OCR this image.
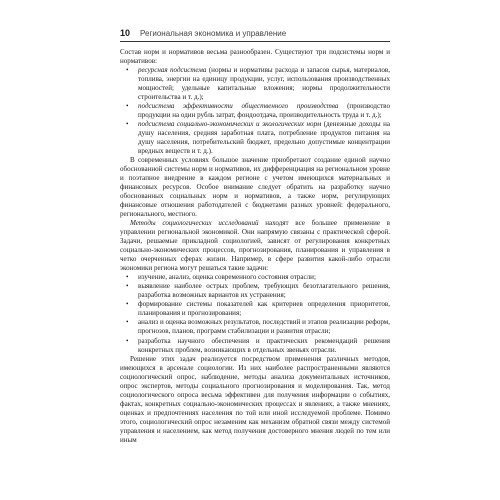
10 Региональная экономика и управление

Состав норм и нормативов весьма разнообразен. Существуют три подсистемы норм и нормативов:

• ресурсная подсистема (нормы и нормативы расхода и запасов сырья, материалов, топлива, энергии на единицу продукции, услуг, использования производственных мощностей; удельные капитальные вложения; нормы продолжительности строительства и т. д.);
• подсистема эффективности общественного производства (производство продукции на один рубль затрат, фондоотдача, производительность труда и т. д.);
• подсистема социально-экономических и экологических норм (денежные доходы на душу населения, средняя заработная плата, потребление продуктов питания на душу населения, потребительский бюджет, предельно допустимые концентрации вредных веществ и т. д.).

В современных условиях большое значение приобретают создание единой научно обоснованной системы норм и нормативов, их дифференциация на региональном уровне и поэтапное внедрение в каждом регионе с учетом имеющихся материальных и финансовых ресурсов. Особое внимание следует обратить на разработку научно обоснованных социальных норм и нормативов, а также норм, регулирующих финансовые отношения работодателей с бюджетами разных уровней: федерального, регионального, местного.

Методы социологических исследований находят все большее применение в управлении региональной экономикой. Они напрямую связаны с практической сферой. Задачи, решаемые прикладной социологией, зависят от регулирования конкретных социально-экономических процессов, прогнозирования, планирования и управления в четко очерченных сферах жизни. Например, в сфере развития какой-либо отрасли экономики региона могут решаться такие задачи:

• изучение, анализ, оценка современного состояния отрасли;
• выявление наиболее острых проблем, требующих безотлагательного решения, разработка возможных вариантов их устранения;
• формирование системы показателей как критериев определения приоритетов, планирования и прогнозирования;
• анализ и оценка возможных результатов, последствий и этапов реализации реформ, прогнозов, планов, программ стабилизации и развития отрасли;
• разработка научного обеспечения и практических рекомендаций решения конкретных проблем, возникающих в отдельных звеньях отрасли.

Решение этих задач реализуется посредством применения различных методов, имеющихся в арсенале социологии. Из них наиболее распространенными являются социологический опрос, наблюдение, методы анализа документальных источников, опрос экспертов, методы социального прогнозирования и моделирования. Так, метод социологического опроса весьма эффективен для получения информации о событиях, фактах, конкретных социально-экономических процессах и явлениях, а также мнениях, оценках и предпочтениях населения по той или иной исследуемой проблеме. Помимо этого, социологический опрос незаменим как механизм обратной связи между системой управления и населением, как метод получения достоверного мнения людей по тем или иным
